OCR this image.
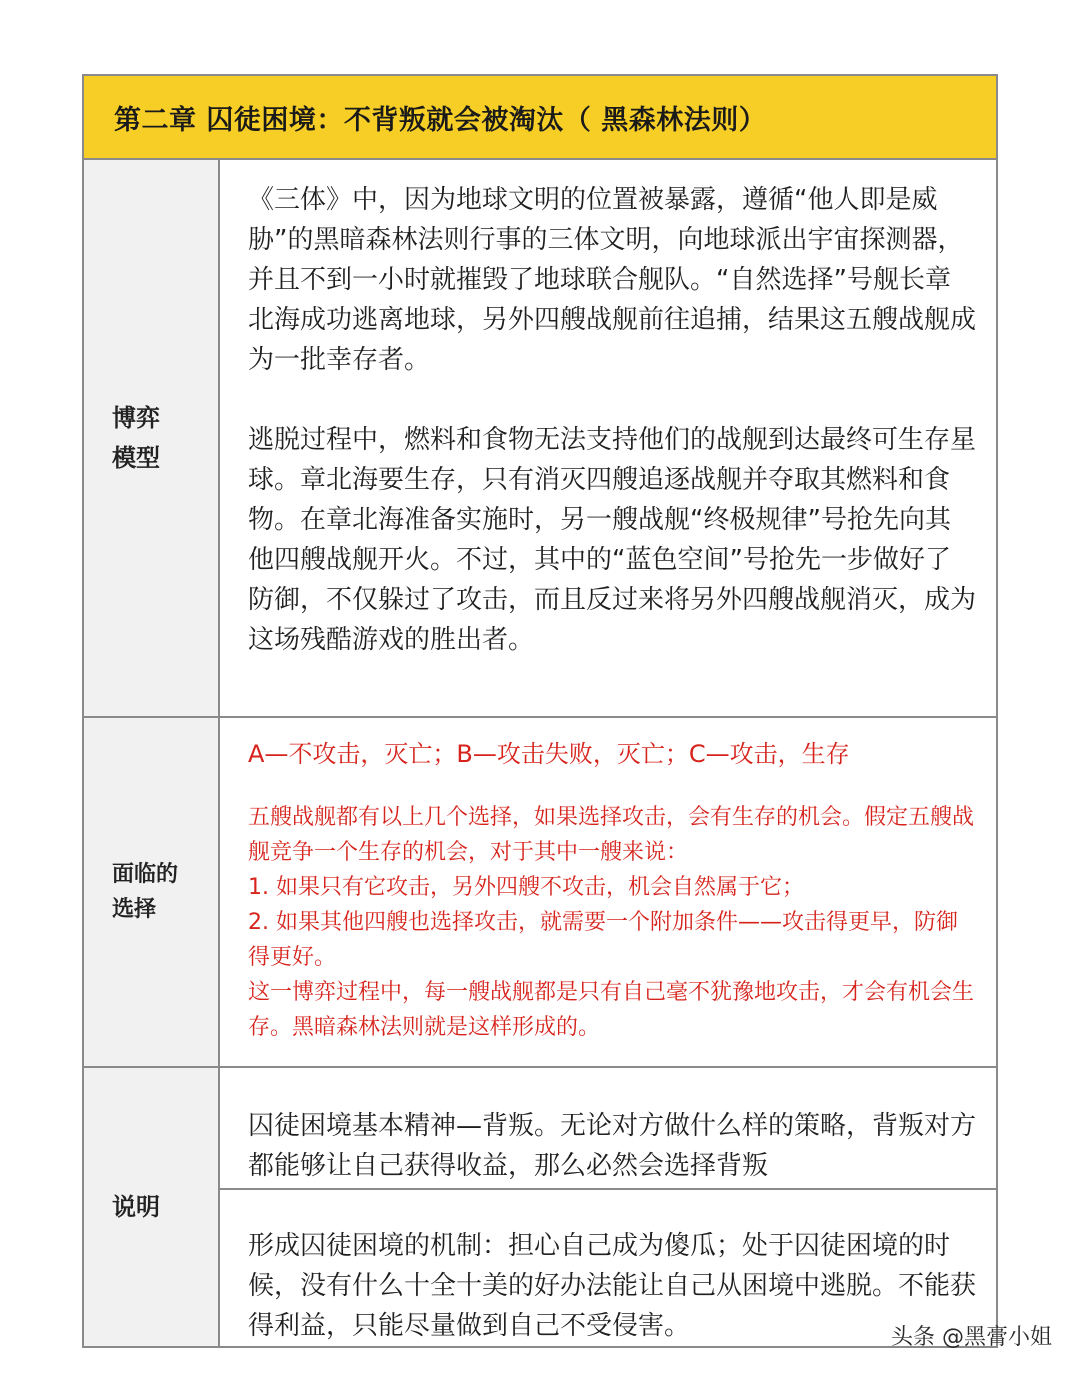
第二章 囚徒困境：不背叛就会被淘汰（ 黑森林法则）
博弈
模型

《三体》中，因为地球文明的位置被暴露，遵循“他人即是威胁”的黑暗森林法则行事的三体文明，向地球派出宇宙探测器，并且不到一小时就摧毁了地球联合舰队。“自然选择”号舰长章北海成功逃离地球，另外四艘战舰前往追捕，结果这五艘战舰成为一批幸存者。

逃脱过程中，燃料和食物无法支持他们的战舰到达最终可生存星球。章北海要生存，只有消灭四艘追逐战舰并夺取其燃料和食物。在章北海准备实施时，另一艘战舰“终极规律”号抢先向其他四艘战舰开火。不过，其中的“蓝色空间”号抢先一步做好了防御，不仅躲过了攻击，而且反过来将另外四艘战舰消灭，成为这场残酷游戏的胜出者。

面临的
选择

A—不攻击，灭亡；B—攻击失败，灭亡；C—攻击，生存

五艘战舰都有以上几个选择，如果选择攻击，会有生存的机会。假定五艘战舰竞争一个生存的机会，对于其中一艘来说：

1. 如果只有它攻击，另外四艘不攻击，机会自然属于它；

2. 如果其他四艘也选择攻击，就需要一个附加条件——攻击得更早，防御得更好。

这一博弈过程中，每一艘战舰都是只有自己毫不犹豫地攻击，才会有机会生存。黑暗森林法则就是这样形成的。

说明

囚徒困境基本精神—背叛。无论对方做什么样的策略，背叛对方都能够让自己获得收益，那么必然会选择背叛

形成囚徒困境的机制：担心自己成为傻瓜；处于囚徒困境的时候，没有什么十全十美的好办法能让自己从困境中逃脱。不能获得利益，只能尽量做到自己不受侵害。	头条 @黑膏小姐
